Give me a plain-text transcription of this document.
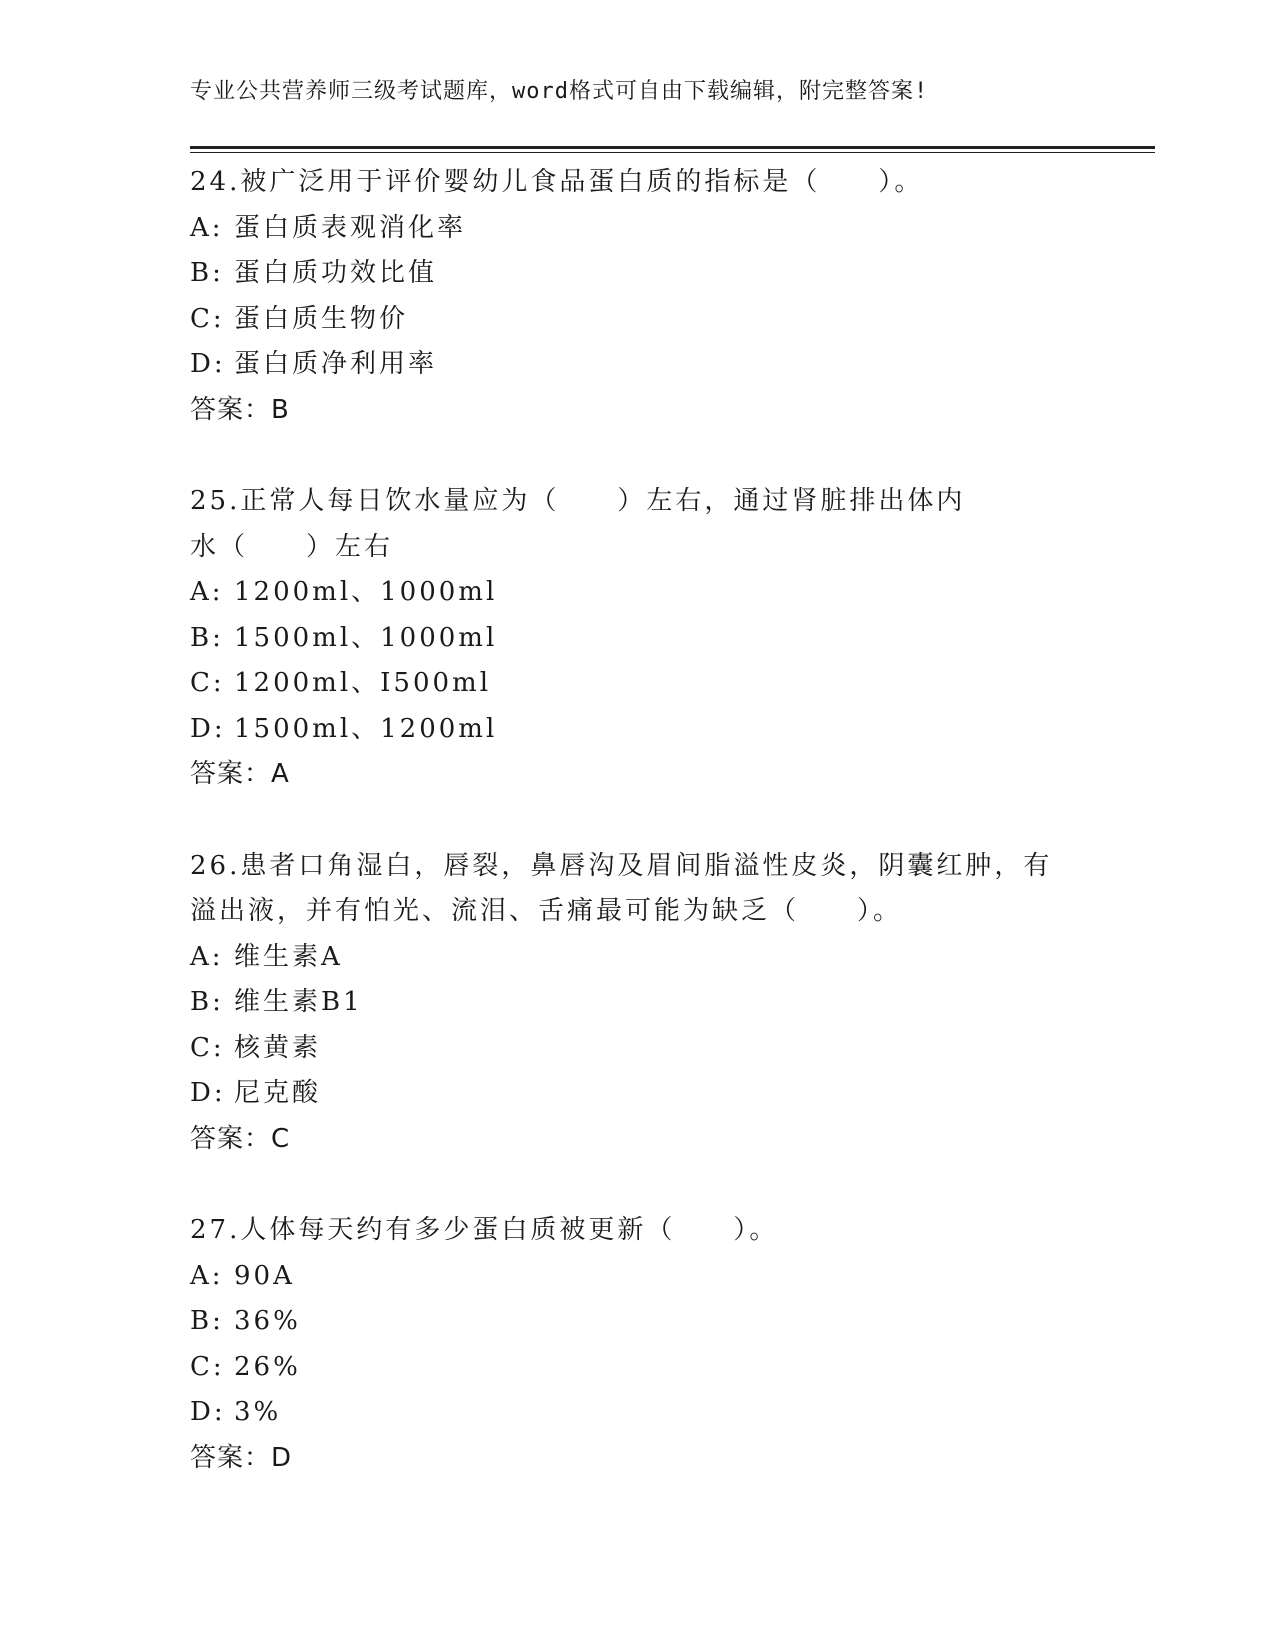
专业公共营养师三级考试题库，word格式可自由下载编辑，附完整答案!
24.被广泛用于评价婴幼儿食品蛋白质的指标是（　　）。
A: 蛋白质表观消化率
B: 蛋白质功效比值
C: 蛋白质生物价
D: 蛋白质净利用率
答案：B
25.正常人每日饮水量应为（　　）左右，通过肾脏排出体内水（　　）左右
A: 1200ml、1000ml
B: 1500ml、1000ml
C: 1200ml、I500ml
D: 1500ml、1200ml
答案：A
26.患者口角湿白，唇裂，鼻唇沟及眉间脂溢性皮炎，阴囊红肿，有溢出液，并有怕光、流泪、舌痛最可能为缺乏（　　）。
A: 维生素A
B: 维生素B1
C: 核黄素
D: 尼克酸
答案：C
27.人体每天约有多少蛋白质被更新（　　）。
A: 90A
B: 36%
C: 26%
D: 3%
答案：D
